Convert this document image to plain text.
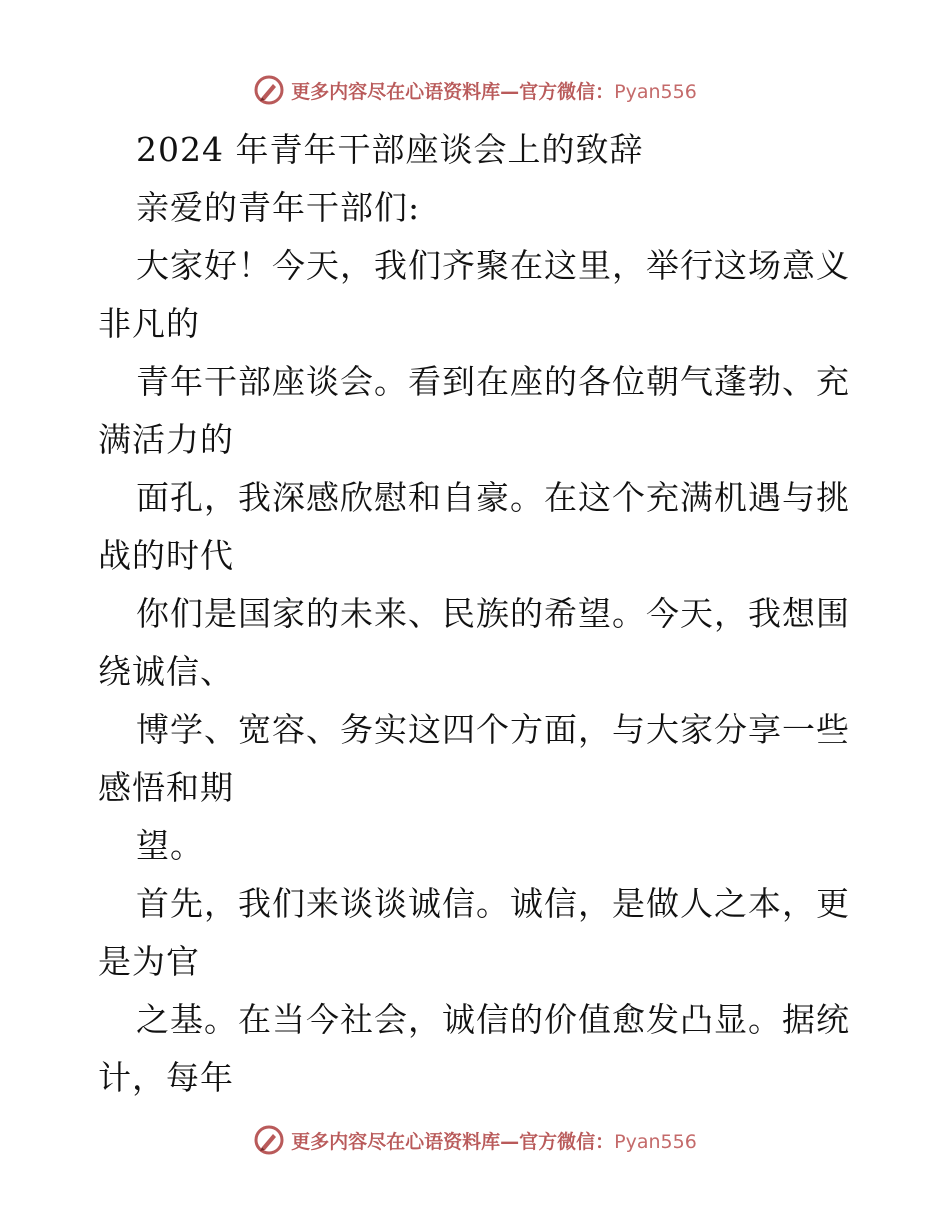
更多内容尽在心语资料库—官方微信：Pyan556
2024 年青年干部座谈会上的致辞
亲爱的青年干部们:
大家好！今天，我们齐聚在这里，举行这场意义
非凡的
青年干部座谈会。看到在座的各位朝气蓬勃、充
满活力的
面孔，我深感欣慰和自豪。在这个充满机遇与挑
战的时代
你们是国家的未来、民族的希望。今天，我想围
绕诚信、
博学、宽容、务实这四个方面，与大家分享一些
感悟和期
望。
首先，我们来谈谈诚信。诚信，是做人之本，更
是为官
之基。在当今社会，诚信的价值愈发凸显。据统
计，每年
更多内容尽在心语资料库—官方微信：Pyan556
